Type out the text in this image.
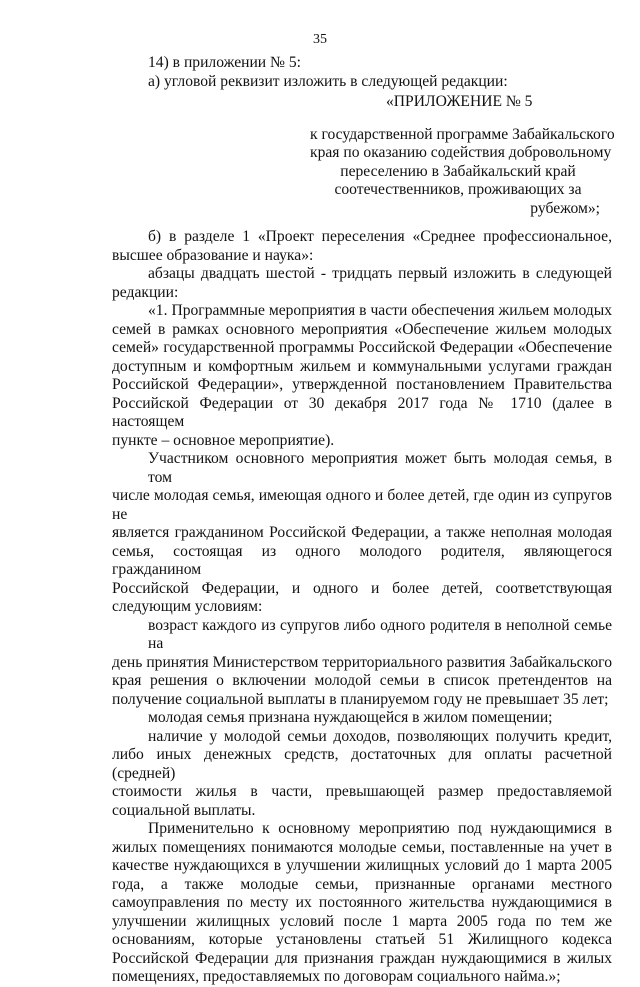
35
14) в приложении № 5:
а) угловой реквизит изложить в следующей редакции:
«ПРИЛОЖЕНИЕ № 5
к государственной программе Забайкальского
края по оказанию содействия добровольному
переселению в Забайкальский край
соотечественников, проживающих за
рубежом»;
б) в разделе 1 «Проект переселения «Среднее профессиональное,
высшее образование и наука»:
абзацы двадцать шестой - тридцать первый изложить в следующей
редакции:
«1. Программные мероприятия в части обеспечения жильем молодых
семей в рамках основного мероприятия «Обеспечение жильем молодых
семей» государственной программы Российской Федерации «Обеспечение
доступным и комфортным жильем и коммунальными услугами граждан
Российской Федерации», утвержденной постановлением Правительства
Российской Федерации от 30 декабря 2017 года № 1710 (далее в настоящем
пункте – основное мероприятие).
Участником основного мероприятия может быть молодая семья, в том
числе молодая семья, имеющая одного и более детей, где один из супругов не
является гражданином Российской Федерации, а также неполная молодая
семья, состоящая из одного молодого родителя, являющегося гражданином
Российской Федерации, и одного и более детей, соответствующая
следующим условиям:
возраст каждого из супругов либо одного родителя в неполной семье на
день принятия Министерством территориального развития Забайкальского
края решения о включении молодой семьи в список претендентов на
получение социальной выплаты в планируемом году не превышает 35 лет;
молодая семья признана нуждающейся в жилом помещении;
наличие у молодой семьи доходов, позволяющих получить кредит,
либо иных денежных средств, достаточных для оплаты расчетной (средней)
стоимости жилья в части, превышающей размер предоставляемой
социальной выплаты.
Применительно к основному мероприятию под нуждающимися в
жилых помещениях понимаются молодые семьи, поставленные на учет в
качестве нуждающихся в улучшении жилищных условий до 1 марта 2005
года, а также молодые семьи, признанные органами местного
самоуправления по месту их постоянного жительства нуждающимися в
улучшении жилищных условий после 1 марта 2005 года по тем же
основаниям, которые установлены статьей 51 Жилищного кодекса
Российской Федерации для признания граждан нуждающимися в жилых
помещениях, предоставляемых по договорам социального найма.»;
